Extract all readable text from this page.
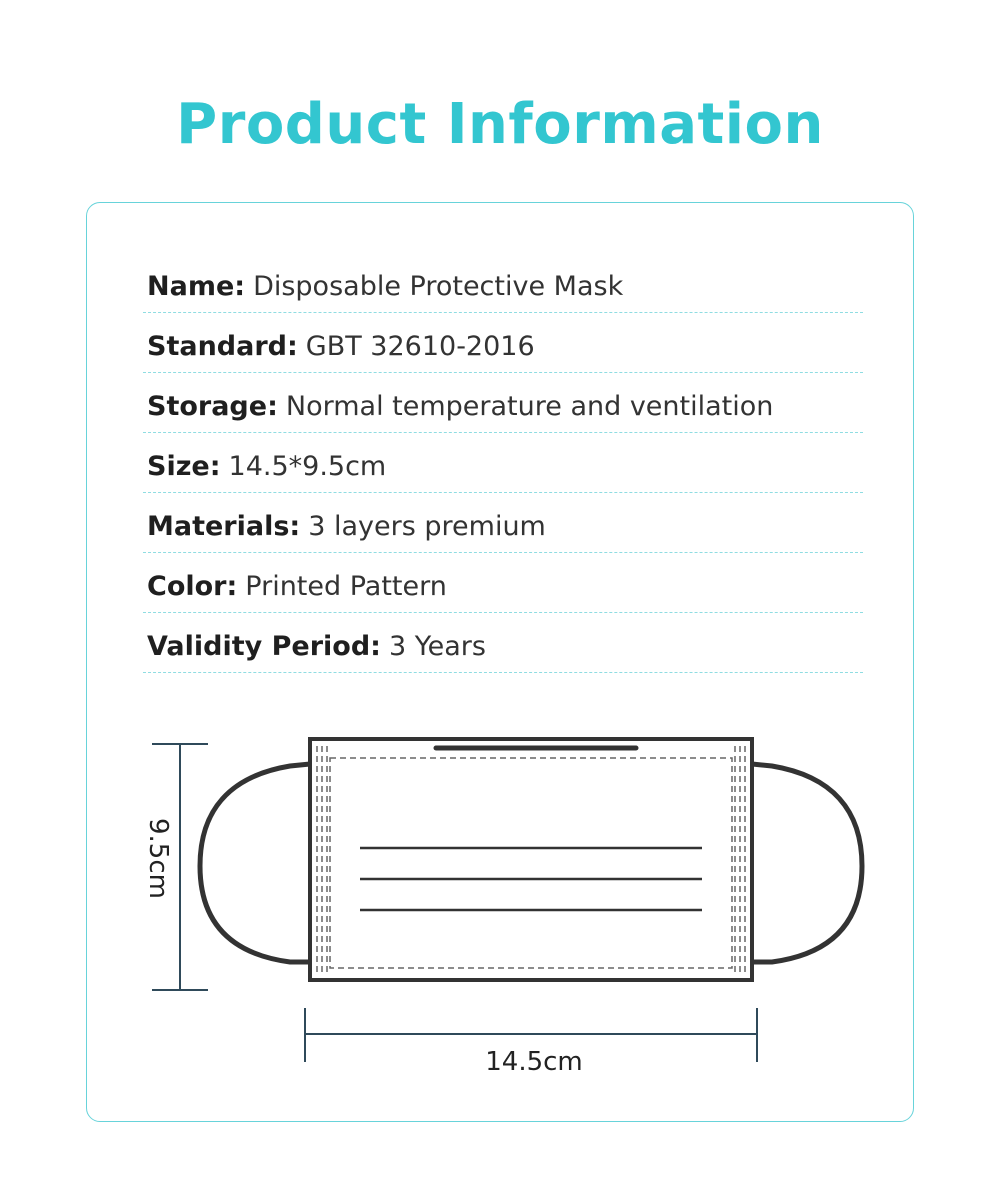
Product Information
Name: Disposable Protective Mask
Standard: GBT 32610-2016
Storage: Normal temperature and ventilation
Size: 14.5*9.5cm
Materials: 3 layers premium
Color: Printed Pattern
Validity Period: 3 Years
9.5cm
14.5cm
